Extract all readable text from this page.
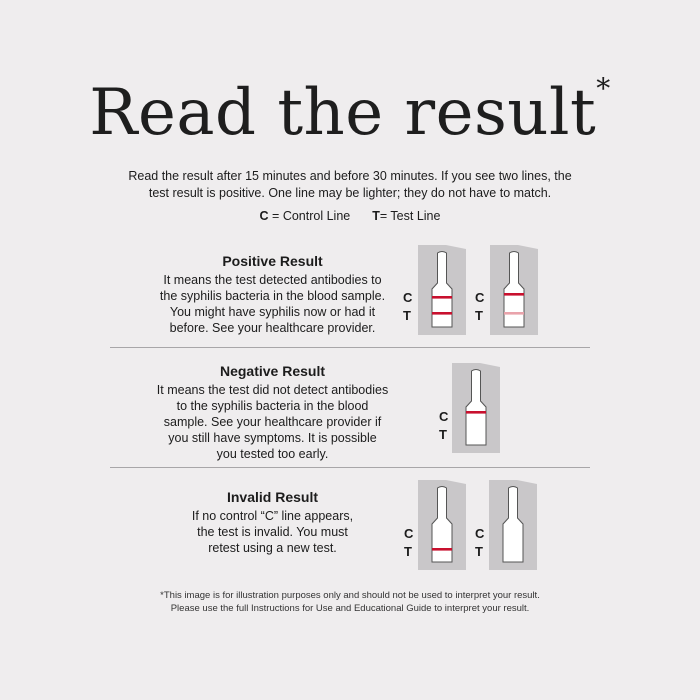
Read the result*
Read the result after 15 minutes and before 30 minutes. If you see two lines, the
test result is positive. One line may be lighter; they do not have to match.
C = Control Line T= Test Line
Positive Result
It means the test detected antibodies to
the syphilis bacteria in the blood sample.
You might have syphilis now or had it
before. See your healthcare provider.
C
T
C
T
Negative Result
It means the test did not detect antibodies
to the syphilis bacteria in the blood
sample. See your healthcare provider if
you still have symptoms. It is possible
you tested too early.
C
T
Invalid Result
If no control “C” line appears,
the test is invalid. You must
retest using a new test.
C
T
C
T
*This image is for illustration purposes only and should not be used to interpret your result.
Please use the full Instructions for Use and Educational Guide to interpret your result.
